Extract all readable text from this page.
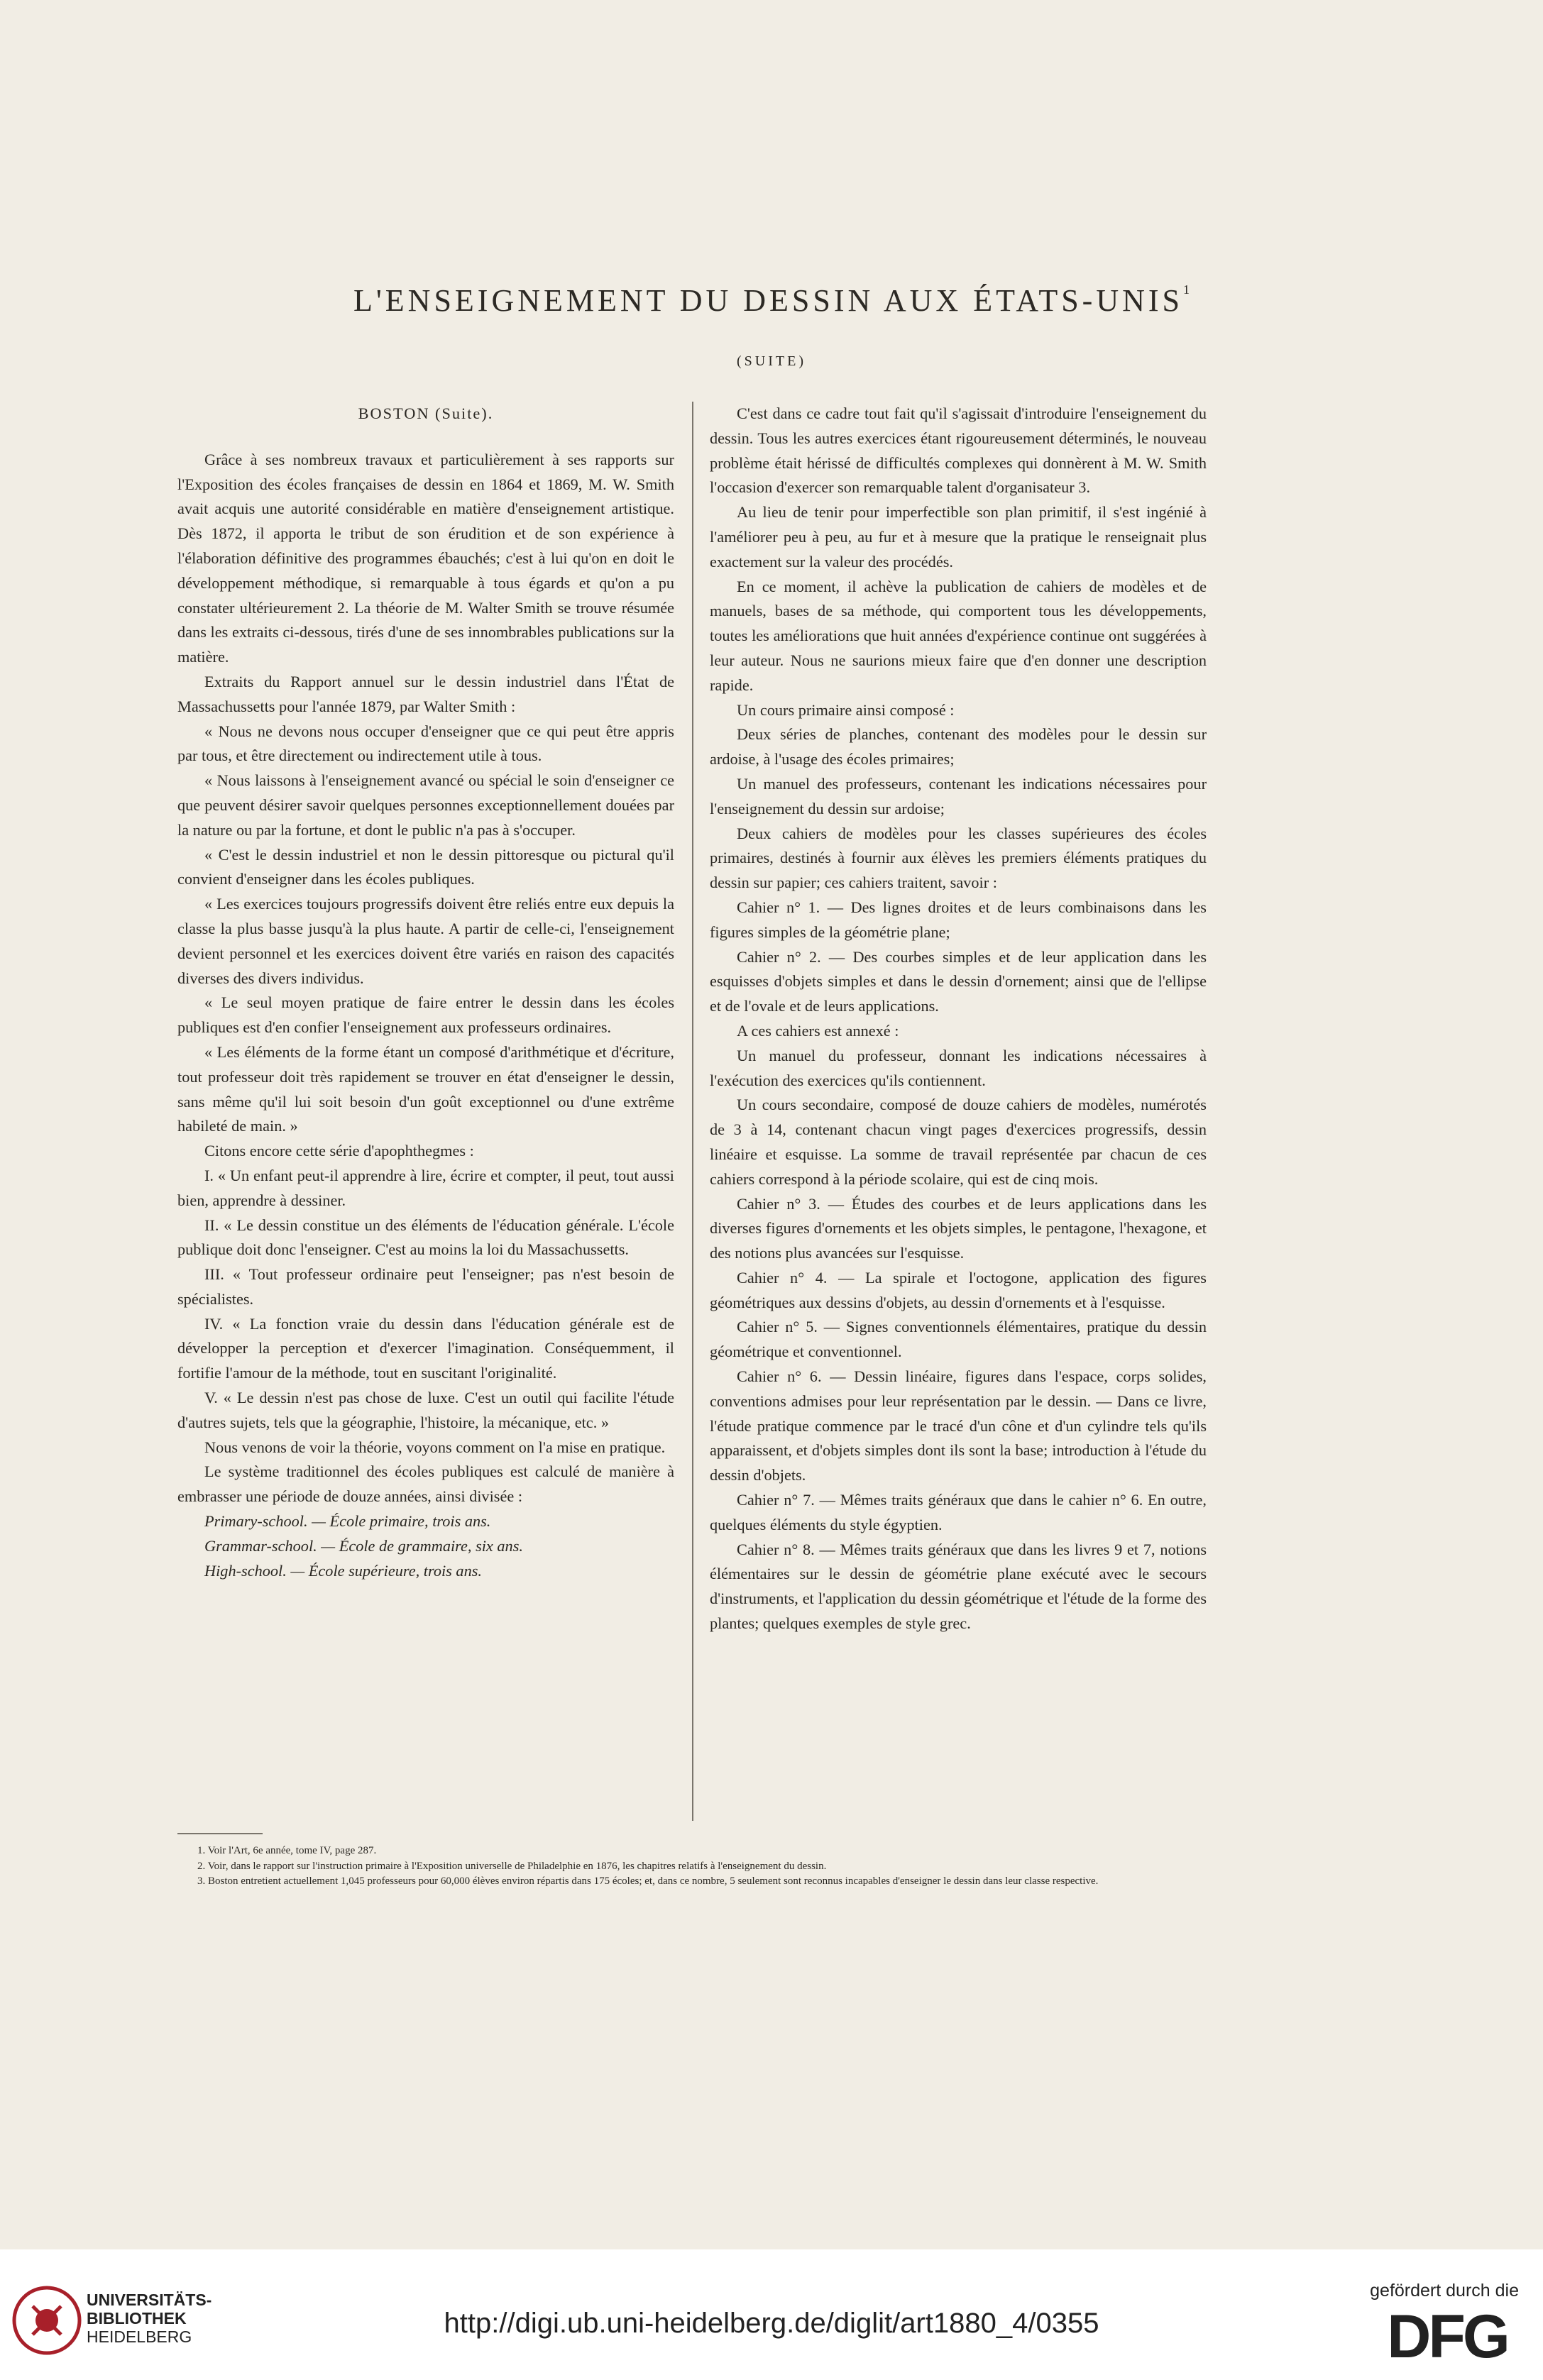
L'ENSEIGNEMENT DU DESSIN AUX ÉTATS-UNIS$^1$
(SUITE)

BOSTON (Suite).

Grâce à ses nombreux travaux et particulièrement à ses rapports sur l'Exposition des écoles françaises de dessin en 1864 et 1869, M. W. Smith avait acquis une autorité considérable en matière d'enseignement artistique. Dès 1872, il apporta le tribut de son érudition et de son expérience à l'élaboration définitive des programmes ébauchés; c'est à lui qu'on en doit le développement méthodique, si remarquable à tous égards et qu'on a pu constater ultérieurement 2. La théorie de M. Walter Smith se trouve résumée dans les extraits ci-dessous, tirés d'une de ses innombrables publications sur la matière.

Extraits du Rapport annuel sur le dessin industriel dans l'État de Massachussetts pour l'année 1879, par Walter Smith :

« Nous ne devons nous occuper d'enseigner que ce qui peut être appris par tous, et être directement ou indirectement utile à tous.

« Nous laissons à l'enseignement avancé ou spécial le soin d'enseigner ce que peuvent désirer savoir quelques personnes exceptionnellement douées par la nature ou par la fortune, et dont le public n'a pas à s'occuper.

« C'est le dessin industriel et non le dessin pittoresque ou pictural qu'il convient d'enseigner dans les écoles publiques.

« Les exercices toujours progressifs doivent être reliés entre eux depuis la classe la plus basse jusqu'à la plus haute. A partir de celle-ci, l'enseignement devient personnel et les exercices doivent être variés en raison des capacités diverses des divers individus.

« Le seul moyen pratique de faire entrer le dessin dans les écoles publiques est d'en confier l'enseignement aux professeurs ordinaires.

« Les éléments de la forme étant un composé d'arithmétique et d'écriture, tout professeur doit très rapidement se trouver en état d'enseigner le dessin, sans même qu'il lui soit besoin d'un goût exceptionnel ou d'une extrême habileté de main. »

Citons encore cette série d'apophthegmes :

I. « Un enfant peut-il apprendre à lire, écrire et compter, il peut, tout aussi bien, apprendre à dessiner.

II. « Le dessin constitue un des éléments de l'éducation générale. L'école publique doit donc l'enseigner. C'est au moins la loi du Massachussetts.

III. « Tout professeur ordinaire peut l'enseigner; pas n'est besoin de spécialistes.

IV. « La fonction vraie du dessin dans l'éducation générale est de développer la perception et d'exercer l'imagination. Conséquemment, il fortifie l'amour de la méthode, tout en suscitant l'originalité.

V. « Le dessin n'est pas chose de luxe. C'est un outil qui facilite l'étude d'autres sujets, tels que la géographie, l'histoire, la mécanique, etc. »

Nous venons de voir la théorie, voyons comment on l'a mise en pratique.

Le système traditionnel des écoles publiques est calculé de manière à embrasser une période de douze années, ainsi divisée :

Primary-school. — École primaire, trois ans.

Grammar-school. — École de grammaire, six ans.

High-school. — École supérieure, trois ans.

C'est dans ce cadre tout fait qu'il s'agissait d'introduire l'enseignement du dessin. Tous les autres exercices étant rigoureusement déterminés, le nouveau problème était hérissé de difficultés complexes qui donnèrent à M. W. Smith l'occasion d'exercer son remarquable talent d'organisateur 3.

Au lieu de tenir pour imperfectible son plan primitif, il s'est ingénié à l'améliorer peu à peu, au fur et à mesure que la pratique le renseignait plus exactement sur la valeur des procédés.

En ce moment, il achève la publication de cahiers de modèles et de manuels, bases de sa méthode, qui comportent tous les développements, toutes les améliorations que huit années d'expérience continue ont suggérées à leur auteur. Nous ne saurions mieux faire que d'en donner une description rapide.

Un cours primaire ainsi composé :

Deux séries de planches, contenant des modèles pour le dessin sur ardoise, à l'usage des écoles primaires;

Un manuel des professeurs, contenant les indications nécessaires pour l'enseignement du dessin sur ardoise;

Deux cahiers de modèles pour les classes supérieures des écoles primaires, destinés à fournir aux élèves les premiers éléments pratiques du dessin sur papier; ces cahiers traitent, savoir :

Cahier n° 1. — Des lignes droites et de leurs combinaisons dans les figures simples de la géométrie plane;

Cahier n° 2. — Des courbes simples et de leur application dans les esquisses d'objets simples et dans le dessin d'ornement; ainsi que de l'ellipse et de l'ovale et de leurs applications.

A ces cahiers est annexé :

Un manuel du professeur, donnant les indications nécessaires à l'exécution des exercices qu'ils contiennent.

Un cours secondaire, composé de douze cahiers de modèles, numérotés de 3 à 14, contenant chacun vingt pages d'exercices progressifs, dessin linéaire et esquisse. La somme de travail représentée par chacun de ces cahiers correspond à la période scolaire, qui est de cinq mois.

Cahier n° 3. — Études des courbes et de leurs applications dans les diverses figures d'ornements et les objets simples, le pentagone, l'hexagone, et des notions plus avancées sur l'esquisse.

Cahier n° 4. — La spirale et l'octogone, application des figures géométriques aux dessins d'objets, au dessin d'ornements et à l'esquisse.

Cahier n° 5. — Signes conventionnels élémentaires, pratique du dessin géométrique et conventionnel.

Cahier n° 6. — Dessin linéaire, figures dans l'espace, corps solides, conventions admises pour leur représentation par le dessin. — Dans ce livre, l'étude pratique commence par le tracé d'un cône et d'un cylindre tels qu'ils apparaissent, et d'objets simples dont ils sont la base; introduction à l'étude du dessin d'objets.

Cahier n° 7. — Mêmes traits généraux que dans le cahier n° 6. En outre, quelques éléments du style égyptien.

Cahier n° 8. — Mêmes traits généraux que dans les livres 9 et 7, notions élémentaires sur le dessin de géométrie plane exécuté avec le secours d'instruments, et l'application du dessin géométrique et l'étude de la forme des plantes; quelques exemples de style grec.

1. Voir l'Art, 6e année, tome IV, page 287.

2. Voir, dans le rapport sur l'instruction primaire à l'Exposition universelle de Philadelphie en 1876, les chapitres relatifs à l'enseignement du dessin.

3. Boston entretient actuellement 1,045 professeurs pour 60,000 élèves environ répartis dans 175 écoles; et, dans ce nombre, 5 seulement sont reconnus incapables d'enseigner le dessin dans leur classe respective.

UNIVERSITÄTS-
BIBLIOTHEK
HEIDELBERG	http://digi.ub.uni-heidelberg.de/diglit/art1880_4/0355
gefördert durch die
DFG
